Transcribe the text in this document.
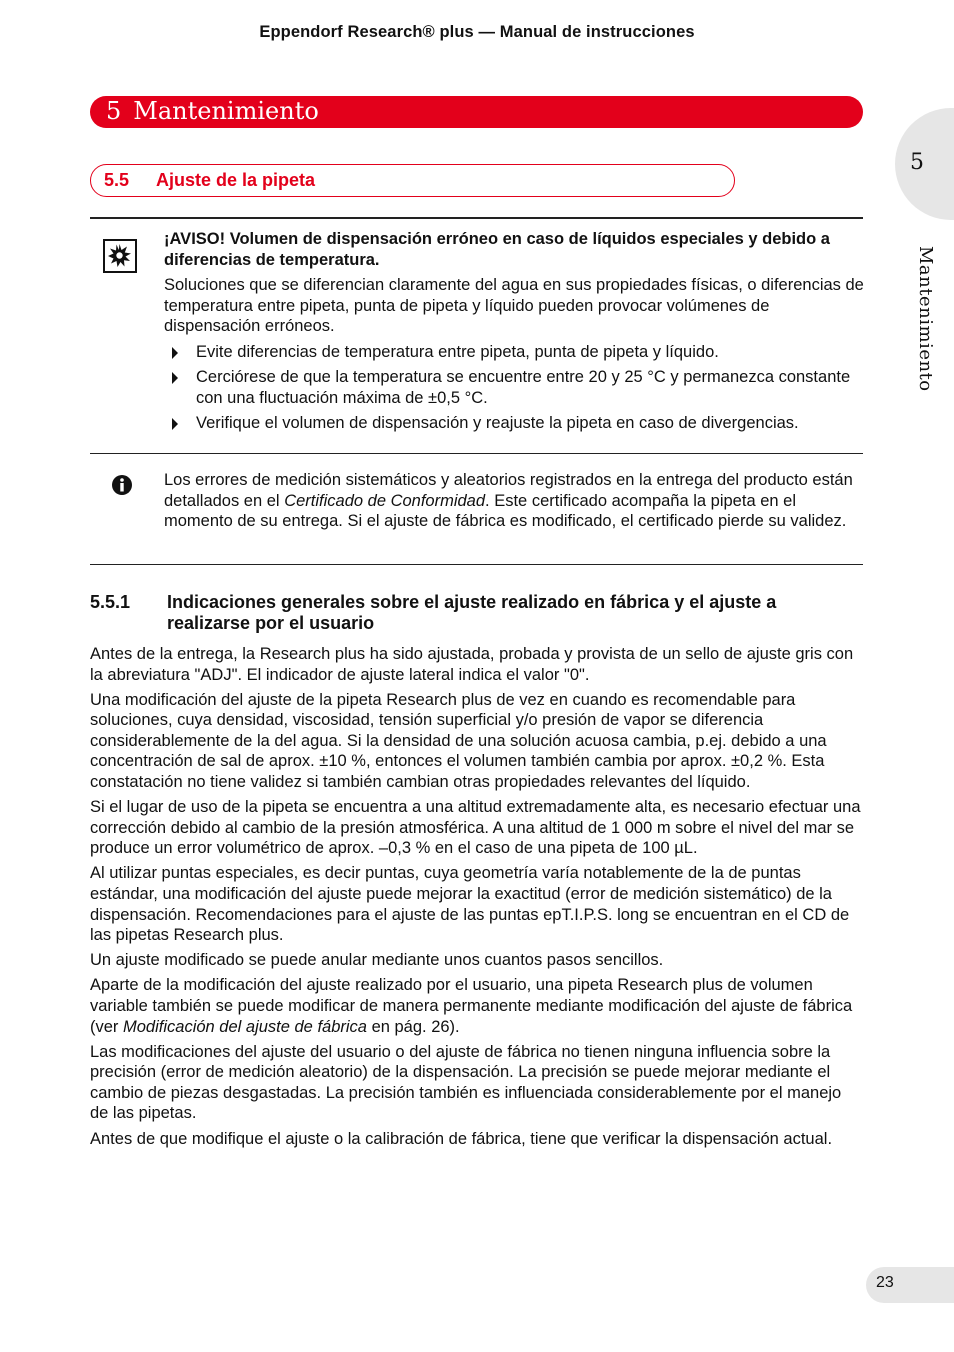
Eppendorf Research® plus — Manual de instrucciones
5 Mantenimiento
5
Mantenimiento
5.5 Ajuste de la pipeta
¡AVISO! Volumen de dispensación erróneo en caso de líquidos especiales y debido a diferencias de temperatura.
Soluciones que se diferencian claramente del agua en sus propiedades físicas, o diferencias de temperatura entre pipeta, punta de pipeta y líquido pueden provocar volúmenes de dispensación erróneos.
Evite diferencias de temperatura entre pipeta, punta de pipeta y líquido.
Cerciórese de que la temperatura se encuentre entre 20 y 25 °C y permanezca constante con una fluctuación máxima de ±0,5 °C.
Verifique el volumen de dispensación y reajuste la pipeta en caso de divergencias.
Los errores de medición sistemáticos y aleatorios registrados en la entrega del producto están detallados en el Certificado de Conformidad. Este certificado acompaña la pipeta en el momento de su entrega. Si el ajuste de fábrica es modificado, el certificado pierde su validez.
5.5.1 Indicaciones generales sobre el ajuste realizado en fábrica y el ajuste a realizarse por el usuario

Antes de la entrega, la Research plus ha sido ajustada, probada y provista de un sello de ajuste gris con la abreviatura "ADJ". El indicador de ajuste lateral indica el valor "0".

Una modificación del ajuste de la pipeta Research plus de vez en cuando es recomendable para soluciones, cuya densidad, viscosidad, tensión superficial y/o presión de vapor se diferencia considerablemente de la del agua. Si la densidad de una solución acuosa cambia, p.ej. debido a una concentración de sal de aprox. ±10 %, entonces el volumen también cambia por aprox. ±0,2 %. Esta constatación no tiene validez si también cambian otras propiedades relevantes del líquido.

Si el lugar de uso de la pipeta se encuentra a una altitud extremadamente alta, es necesario efectuar una corrección debido al cambio de la presión atmosférica. A una altitud de 1 000 m sobre el nivel del mar se produce un error volumétrico de aprox. –0,3 % en el caso de una pipeta de 100 µL.

Al utilizar puntas especiales, es decir puntas, cuya geometría varía notablemente de la de puntas estándar, una modificación del ajuste puede mejorar la exactitud (error de medición sistemático) de la dispensación. Recomendaciones para el ajuste de las puntas epT.I.P.S. long se encuentran en el CD de las pipetas Research plus.

Un ajuste modificado se puede anular mediante unos cuantos pasos sencillos.

Aparte de la modificación del ajuste realizado por el usuario, una pipeta Research plus de volumen variable también se puede modificar de manera permanente mediante modificación del ajuste de fábrica (ver Modificación del ajuste de fábrica en pág. 26).

Las modificaciones del ajuste del usuario o del ajuste de fábrica no tienen ninguna influencia sobre la precisión (error de medición aleatorio) de la dispensación. La precisión se puede mejorar mediante el cambio de piezas desgastadas. La precisión también es influenciada considerablemente por el manejo de las pipetas.

Antes de que modifique el ajuste o la calibración de fábrica, tiene que verificar la dispensación actual.

23
